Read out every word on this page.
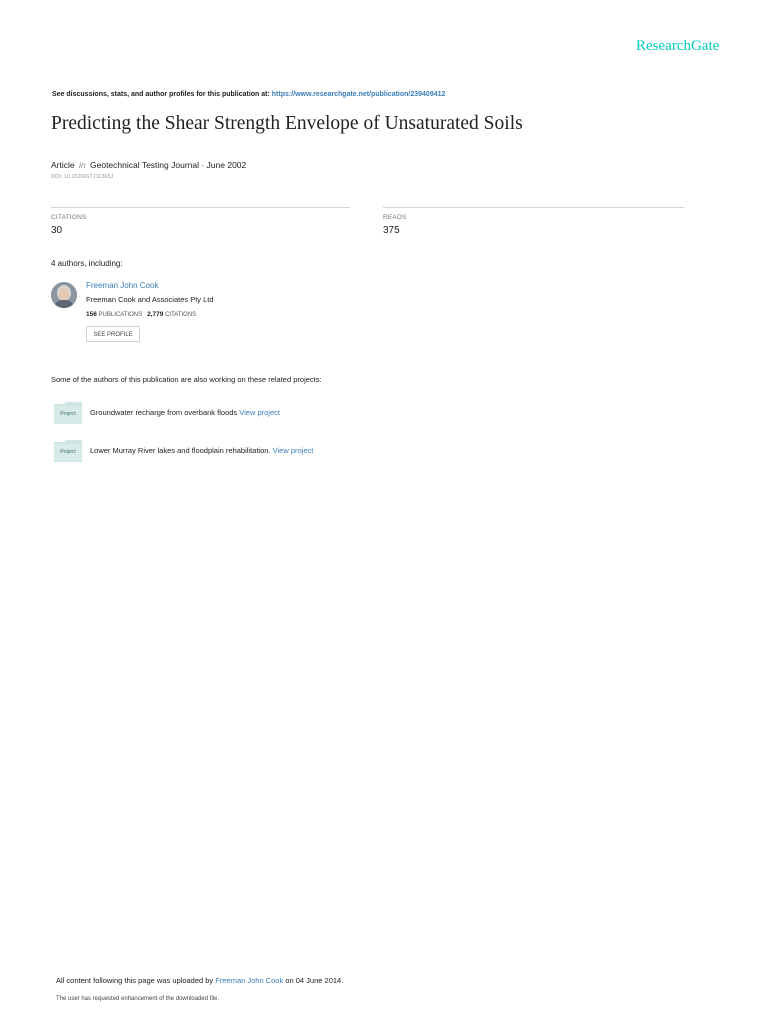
ResearchGate
See discussions, stats, and author profiles for this publication at: https://www.researchgate.net/publication/239409412
Predicting the Shear Strength Envelope of Unsaturated Soils
Article in Geotechnical Testing Journal · June 2002
DOI: 10.1520/GTJ11365J
CITATIONS
30
READS
375
4 authors, including:
Freeman John Cook
Freeman Cook and Associates Pty Ltd
156 PUBLICATIONS 2,779 CITATIONS
SEE PROFILE
Some of the authors of this publication are also working on these related projects:
Project	Groundwater recharge from overbank floods View project
Project	Lower Murray River lakes and floodplain rehabilitation. View project
All content following this page was uploaded by Freeman John Cook on 04 June 2014.
The user has requested enhancement of the downloaded file.
